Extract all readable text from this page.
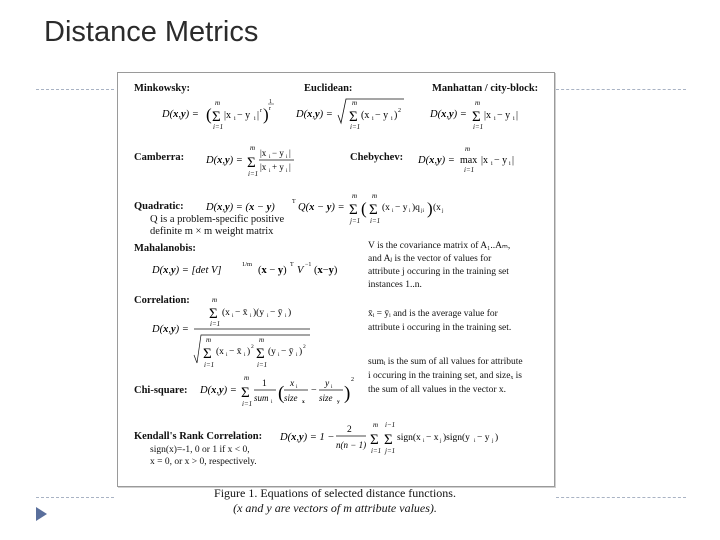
Distance Metrics
Minkowsky:
D(x,y) = (
m
Σ
i=1
|x i − y i | r )
1
r
Euclidean:
D(x,y) =
m
Σ
i=1
(x i − y i ) 2
Manhattan / city-block:
D(x,y) =
m
Σ
i=1
|x i − y i |
Camberra: D(x,y) =
m
Σ
i=1
|x i − y i |
|x i + y i |
Chebychev: D(x,y) =
m
max
i=1
|x i − y i |
Quadratic: D(x,y) = (x − y)	T Q(x − y) =
m
Σ
j=1
(
m
Σ
i=1
(x i − y i )q ji ) (x j
Q is a problem-specific positive
definite m × m weight matrix
Mahalanobis:
D(x,y) = [det V]
1/m
(x − y) T V −1 (x−y)
V is the covariance matrix of A₁..Aₘ,
and Aⱼ is the vector of values for
attribute j occuring in the training set
instances 1..n.
Correlation:	m
Σ
i=1
(x i − x̄ i )(y i − ȳ i )
D(x,y) =
m
Σ
i=1
(x i − x̄ i ) 2
m
Σ
i=1
(y i − ȳ i ) 2
x̄ᵢ = ȳᵢ and is the average value for
attribute i occuring in the training set.
Chi-square: D(x,y) =
m
Σ
i=1
1
sum i ( x i
size x
−
y i
size y )
2
sumᵢ is the sum of all values for attribute
i occuring in the training set, and sizeₓ is
the sum of all values in the vector x.
Kendall's Rank Correlation: D(x,y) = 1 −
2
n(n − 1)
m
Σ
i=1
i−1
Σ
j=1
sign(x i − x j )sign(y i − y j )
sign(x)=-1, 0 or 1 if x < 0,
x = 0, or x > 0, respectively.
Figure 1. Equations of selected distance functions.
(x and y are vectors of m attribute values).
